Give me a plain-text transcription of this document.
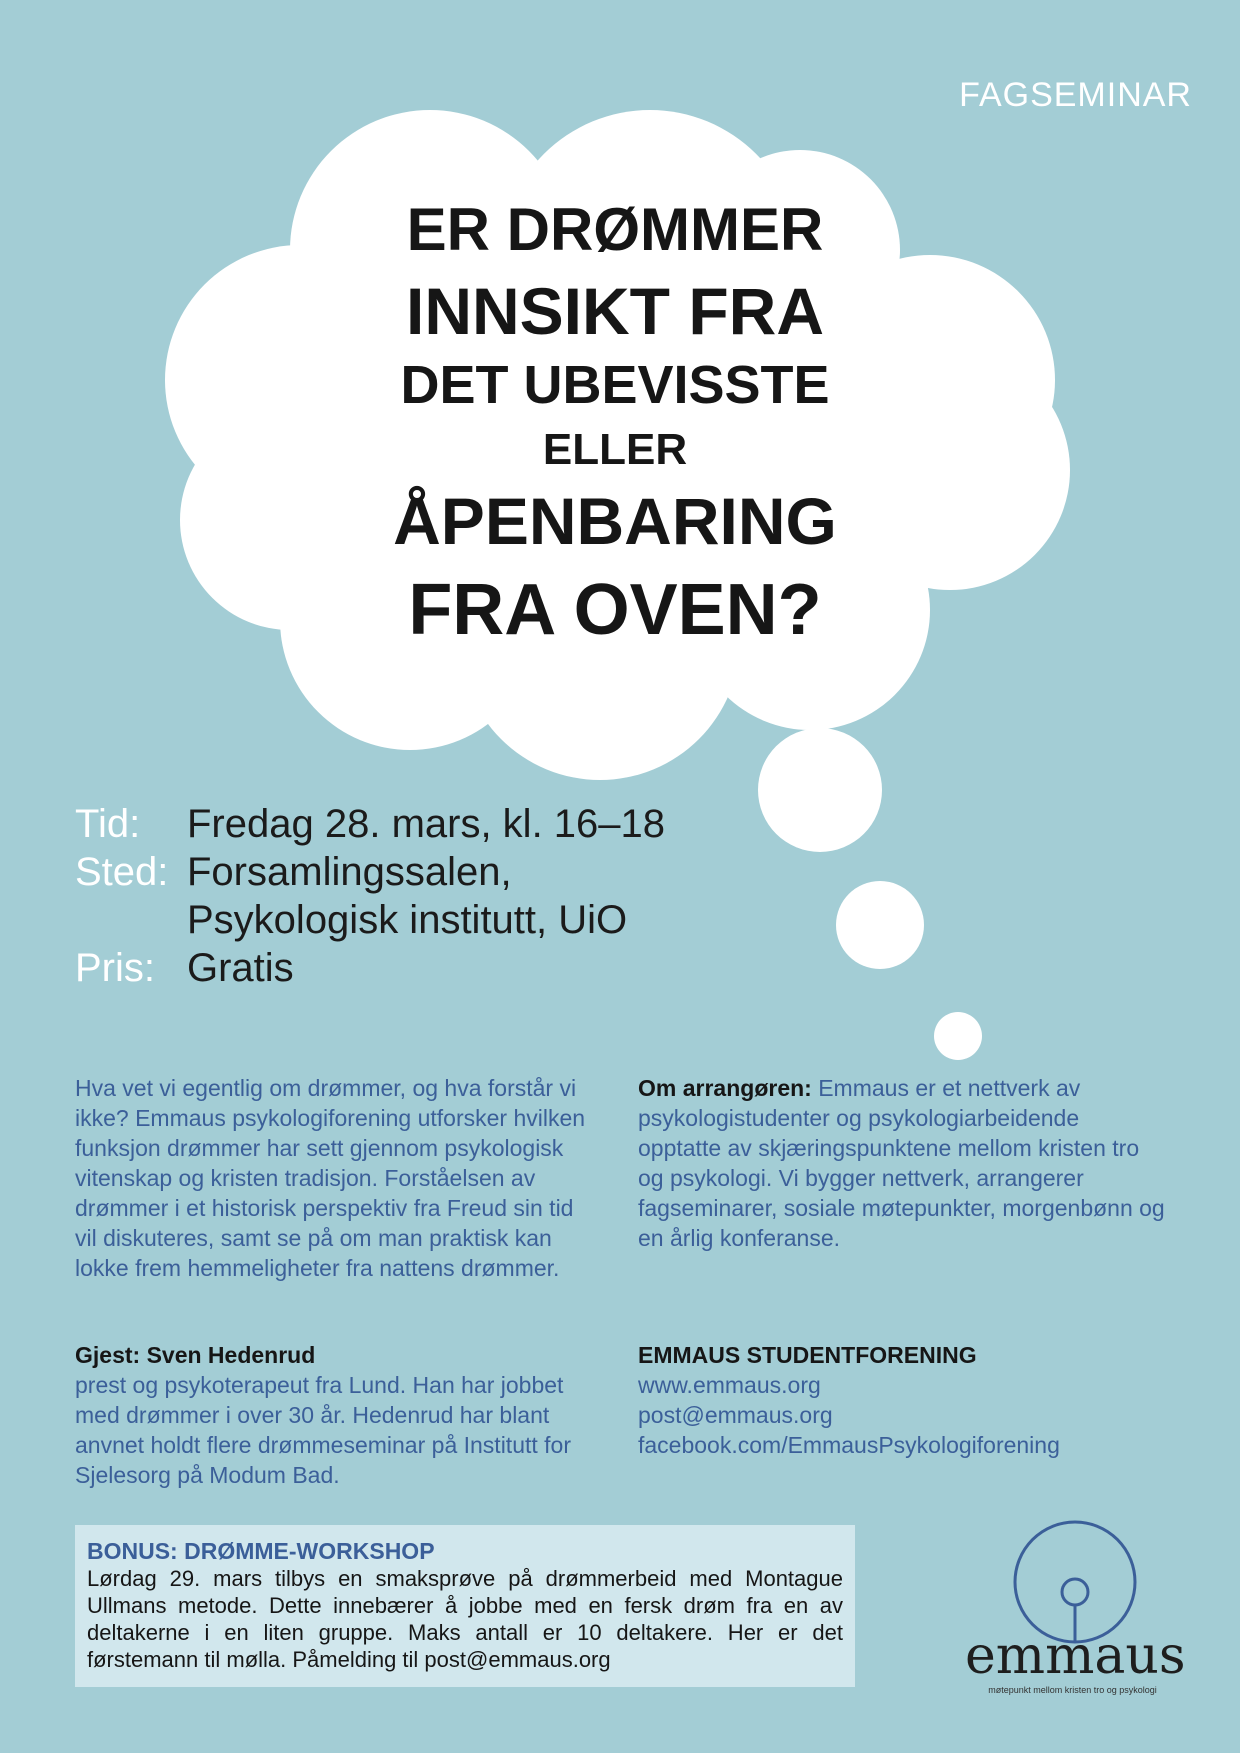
FAGSEMINAR
ER DRØMMER
INNSIKT FRA
DET UBEVISSTE
ELLER
ÅPENBARING
FRA OVEN?
Tid:	Fredag 28. mars, kl. 16–18
Sted: Forsamlingssalen,
Psykologisk institutt, UiO
Pris: Gratis
Hva vet vi egentlig om drømmer, og hva forstår vi ikke? Emmaus psykologiforening utforsker hvilken funksjon drømmer har sett gjennom psykologisk vitenskap og kristen tradisjon. Forståelsen av drømmer i et historisk perspektiv fra Freud sin tid vil diskuteres, samt se på om man praktisk kan lokke frem hemmeligheter fra nattens drømmer.
Om arrangøren: Emmaus er et nettverk av psykologistudenter og psykologiarbeidende opptatte av skjæringspunktene mellom kristen tro og psykologi. Vi bygger nettverk, arrangerer fagseminarer, sosiale møtepunkter, morgenbønn og en årlig konferanse.
Gjest: Sven Hedenrud
prest og psykoterapeut fra Lund. Han har jobbet med drømmer i over 30 år. Hedenrud har blant anvnet holdt flere drømmeseminar på Institutt for Sjelesorg på Modum Bad.
EMMAUS STUDENTFORENING
www.emmaus.org
post@emmaus.org
facebook.com/EmmausPsykologiforening
BONUS: DRØMME-WORKSHOP
Lørdag 29. mars tilbys en smaksprøve på drømmerbeid med Montague Ullmans metode. Dette innebærer å jobbe med en fersk drøm fra en av deltakerne i en liten gruppe. Maks antall er 10 deltakere. Her er det førstemann til mølla. Påmelding til post@emmaus.org	emmaus
møtepunkt mellom kristen tro og psykologi
